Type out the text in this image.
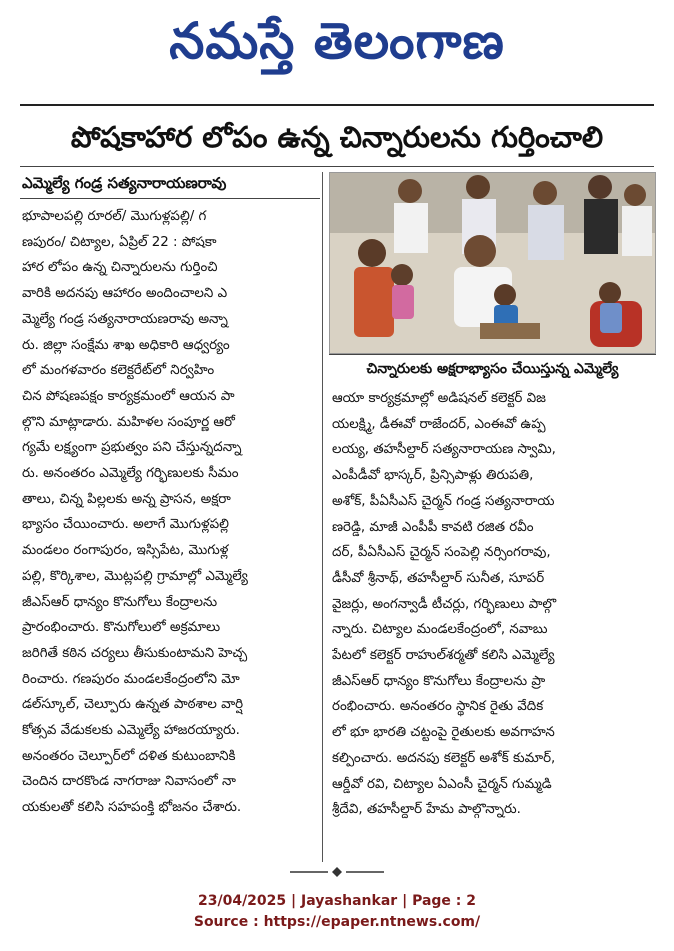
నమస్తే తెలంగాణ
పోషకాహార లోపం ఉన్న చిన్నారులను గుర్తించాలి
ఎమ్మెల్యే గండ్ర సత్యనారాయణరావు

భూపాలపల్లి రూరల్/ మొగుళ్లపల్లి/ గ

ణపురం/ చిట్యాల, ఏప్రిల్ 22 : పోషకా

హార లోపం ఉన్న చిన్నారులను గుర్తించి

వారికి అదనపు ఆహారం అందించాలని ఎ

మ్మెల్యే గండ్ర సత్యనారాయణరావు అన్నా

రు. జిల్లా సంక్షేమ శాఖ అధికారి ఆధ్వర్యం

లో మంగళవారం కలెక్టరేట్‌లో నిర్వహిం

చిన పోషణపక్షం కార్యక్రమంలో ఆయన పా

ల్గొని మాట్లాడారు. మహిళల సంపూర్ణ ఆరో

గ్యమే లక్ష్యంగా ప్రభుత్వం పని చేస్తున్నదన్నా

రు. అనంతరం ఎమ్మెల్యే గర్భిణులకు సీమం

తాలు, చిన్న పిల్లలకు అన్న ప్రాసన, అక్షరా

భ్యాసం చేయించారు. అలాగే మొగుళ్లపల్లి

మండలం రంగాపురం, ఇస్సిపేట, మొగుళ్ల

పల్లి, కొర్కిశాల, మొట్లపల్లి గ్రామాల్లో ఎమ్మెల్యే

జీఎస్‌ఆర్ ధాన్యం కొనుగోలు కేంద్రాలను

ప్రారంభించారు. కొనుగోలులో అక్రమాలు

జరిగితే కఠిన చర్యలు తీసుకుంటామని హెచ్చ

రించారు. గణపురం మండలకేంద్రంలోని మో

డల్‌స్కూల్, చెల్పూరు ఉన్నత పాఠశాల వార్షి

కోత్సవ వేడుకలకు ఎమ్మెల్యే హాజరయ్యారు.

అనంతరం చెల్పూర్‌లో దళిత కుటుంబానికి

చెందిన దారకొండ నాగరాజు నివాసంలో నా

యకులతో కలిసి సహపంక్తి భోజనం చేశారు.

చిన్నారులకు అక్షరాభ్యాసం చేయిస్తున్న ఎమ్మెల్యే

ఆయా కార్యక్రమాల్లో అడిషనల్ కలెక్టర్ విజ

యలక్ష్మి, డీఈవో రాజేందర్, ఎంఈవో ఉప్ప

లయ్య, తహసీల్దార్ సత్యనారాయణ స్వామి,

ఎంపీడీవో భాస్కర్, ప్రిన్సిపాళ్లు తిరుపతి,

అశోక్, పీఏసీఎస్ చైర్మన్ గండ్ర సత్యనారాయ

ణరెడ్డి, మాజీ ఎంపీపీ కావటి రజిత రవీం

దర్, పీఏసీఎస్ చైర్మన్ సంపెల్లి నర్సింగరావు,

డీసీవో శ్రీనాథ్, తహసీల్దార్ సునీత, సూపర్

వైజర్లు, అంగన్వాడీ టీచర్లు, గర్భిణులు పాల్గొ

న్నారు. చిట్యాల మండలకేంద్రంలో, నవాబు

పేటలో కలెక్టర్ రాహుల్‌శర్మతో కలిసి ఎమ్మెల్యే

జీఎస్‌ఆర్ ధాన్యం కొనుగోలు కేంద్రాలను ప్రా

రంభించారు. అనంతరం స్థానిక రైతు వేదిక

లో భూ భారతి చట్టంపై రైతులకు అవగాహన

కల్పించారు. అదనపు కలెక్టర్ అశోక్ కుమార్,

ఆర్డీవో రవి, చిట్యాల ఏఎంసీ చైర్మన్ గుమ్మడి

శ్రీదేవి, తహసీల్దార్ హేమ పాల్గొన్నారు.

23/04/2025 | Jayashankar | Page : 2
Source : https://epaper.ntnews.com/
